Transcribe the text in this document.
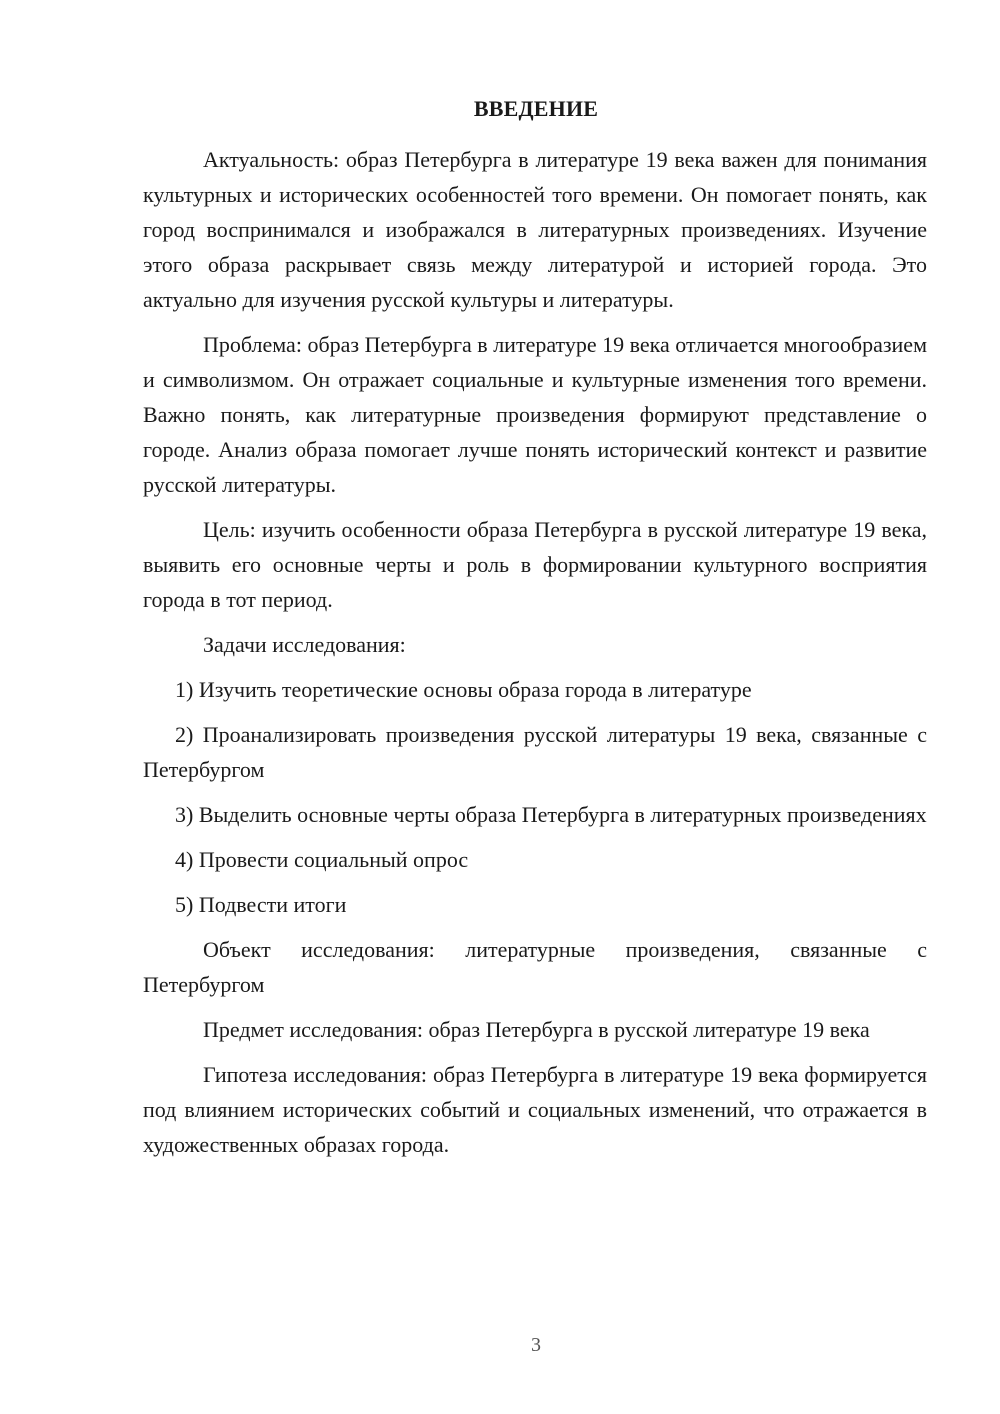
ВВЕДЕНИЕ

Актуальность: образ Петербурга в литературе 19 века важен для понимания культурных и исторических особенностей того времени. Он помогает понять, как город воспринимался и изображался в литературных произведениях. Изучение этого образа раскрывает связь между литературой и историей города. Это актуально для изучения русской культуры и литературы.

Проблема: образ Петербурга в литературе 19 века отличается многообразием и символизмом. Он отражает социальные и культурные изменения того времени. Важно понять, как литературные произведения формируют представление о городе. Анализ образа помогает лучше понять исторический контекст и развитие русской литературы.

Цель: изучить особенности образа Петербурга в русской литературе 19 века, выявить его основные черты и роль в формировании культурного восприятия города в тот период.

Задачи исследования:

1) Изучить теоретические основы образа города в литературе

2) Проанализировать произведения русской литературы 19 века, связанные с Петербургом

3) Выделить основные черты образа Петербурга в литературных произведениях

4) Провести социальный опрос

5) Подвести итоги

Объект исследования: литературные произведения, связанные с Петербургом

Предмет исследования: образ Петербурга в русской литературе 19 века

Гипотеза исследования: образ Петербурга в литературе 19 века формируется под влиянием исторических событий и социальных изменений, что отражается в художественных образах города.

3
